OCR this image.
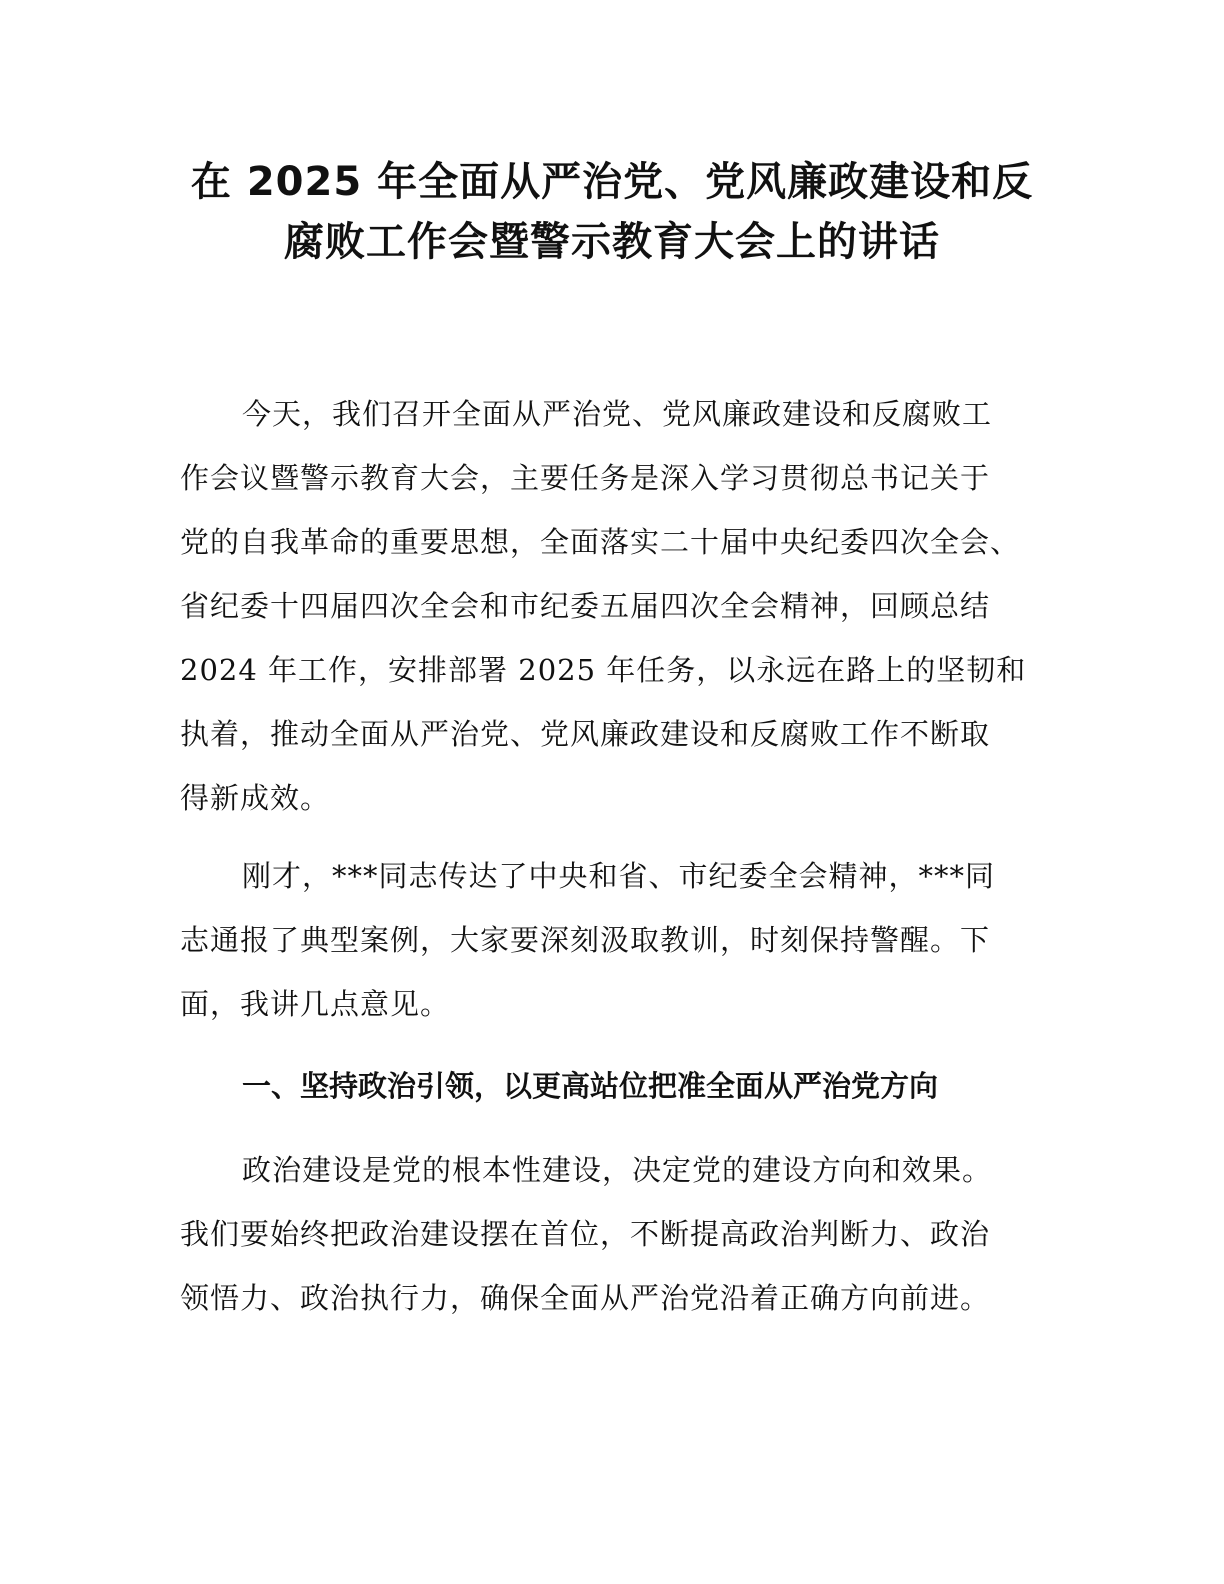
在 2025 年全面从严治党、党风廉政建设和反
腐败工作会暨警示教育大会上的讲话

今天，我们召开全面从严治党、党风廉政建设和反腐败工
作会议暨警示教育大会，主要任务是深入学习贯彻总书记关于
党的自我革命的重要思想，全面落实二十届中央纪委四次全会、
省纪委十四届四次全会和市纪委五届四次全会精神，回顾总结
2024 年工作，安排部署 2025 年任务，以永远在路上的坚韧和
执着，推动全面从严治党、党风廉政建设和反腐败工作不断取
得新成效。

刚才，***同志传达了中央和省、市纪委全会精神，***同
志通报了典型案例，大家要深刻汲取教训，时刻保持警醒。下
面，我讲几点意见。

一、坚持政治引领，以更高站位把准全面从严治党方向

政治建设是党的根本性建设，决定党的建设方向和效果。
我们要始终把政治建设摆在首位，不断提高政治判断力、政治
领悟力、政治执行力，确保全面从严治党沿着正确方向前进。
